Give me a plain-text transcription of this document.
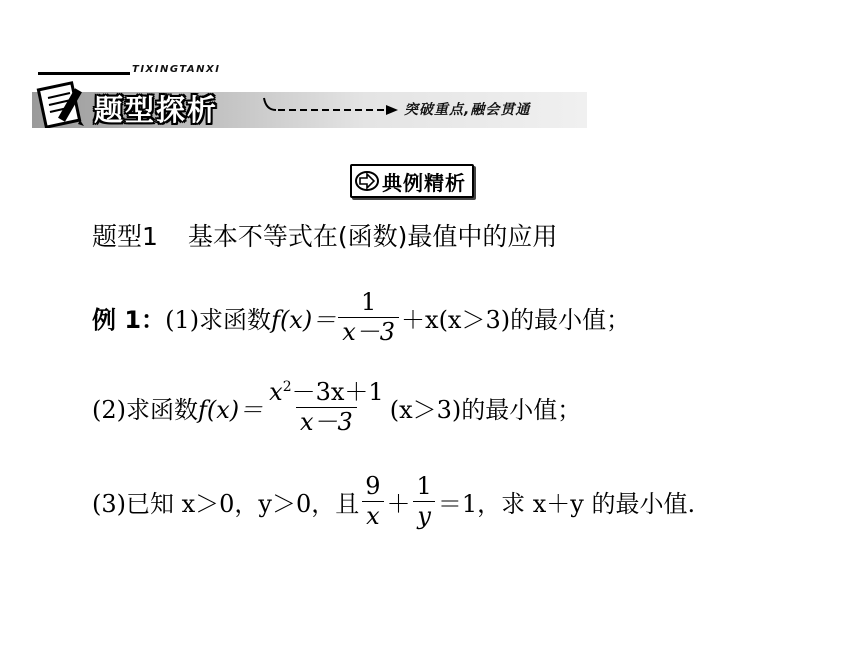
TIXINGTANXI
题型探析	突破重点,融会贯通
典例精析
题型1 基本不等式在(函数)最值中的应用
例 1： (1)求函数 $f(x)= \frac{1}{x-3} +x(x>3)$的最小值；
(2)求函数 $f(x)= \frac{x^2-3x+1}{x-3} (x>3)$的最小值；
(3)已知 x＞0，y＞0，且 $\frac{9}{x} + \frac{1}{y} =1$，求 x＋y 的最小值.
